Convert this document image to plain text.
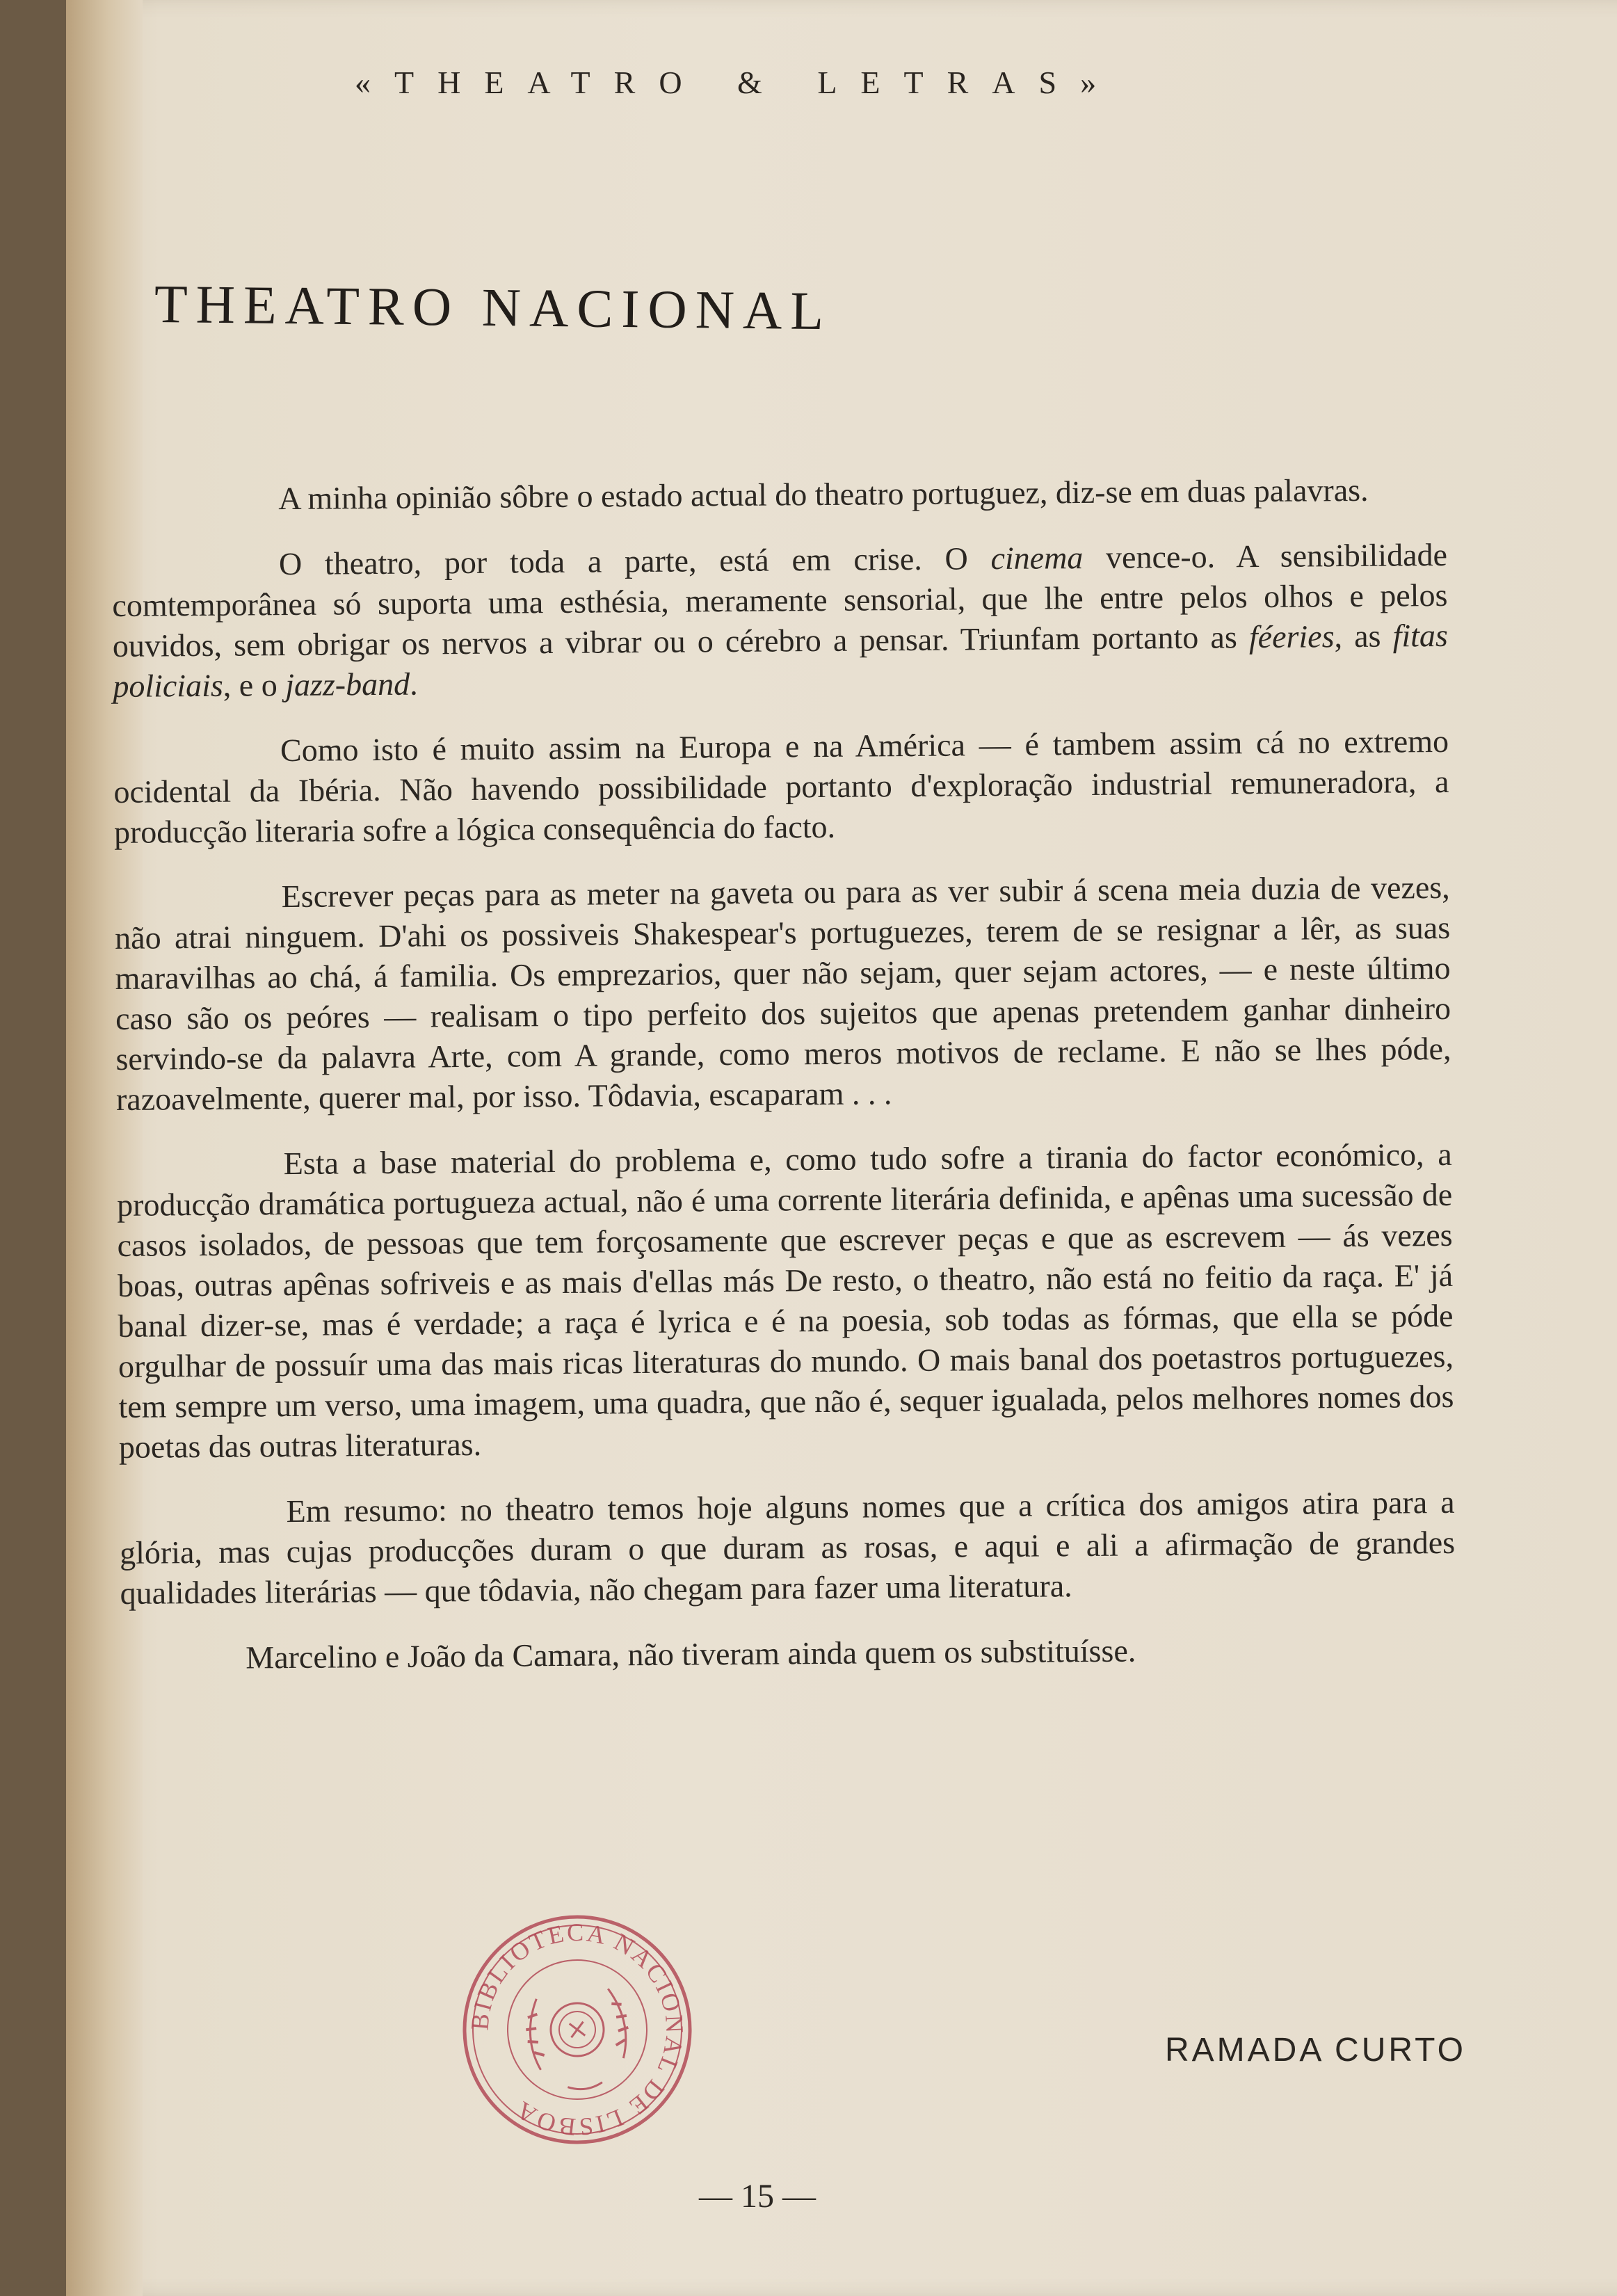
«THEATRO & LETRAS»
THEATRO NACIONAL

A minha opinião sôbre o estado actual do theatro portuguez, diz-se em duas palavras.

O theatro, por toda a parte, está em crise. O cinema vence-o. A sensibilidade comtemporânea só suporta uma esthésia, meramente sensorial, que lhe entre pelos olhos e pelos ouvidos, sem obrigar os nervos a vibrar ou o cérebro a pensar. Triunfam portanto as féeries, as fitas policiais, e o jazz-band.

Como isto é muito assim na Europa e na América — é tambem assim cá no extremo ocidental da Ibéria. Não havendo possibilidade portanto d'exploração industrial remuneradora, a producção literaria sofre a lógica consequência do facto.

Escrever peças para as meter na gaveta ou para as ver subir á scena meia duzia de vezes, não atrai ninguem. D'ahi os possiveis Shakespear's portuguezes, terem de se resignar a lêr, as suas maravilhas ao chá, á familia. Os emprezarios, quer não sejam, quer sejam actores, — e neste último caso são os peóres — realisam o tipo perfeito dos sujeitos que apenas pretendem ganhar dinheiro servindo-se da palavra Arte, com A grande, como meros motivos de reclame. E não se lhes póde, razoavelmente, querer mal, por isso. Tôdavia, escaparam . . .

Esta a base material do problema e, como tudo sofre a tirania do factor económico, a producção dramática portugueza actual, não é uma corrente literária definida, e apênas uma sucessão de casos isolados, de pessoas que tem forçosamente que escrever peças e que as escrevem — ás vezes boas, outras apênas sofriveis e as mais d'ellas más De resto, o theatro, não está no feitio da raça. E' já banal dizer-se, mas é verdade; a raça é lyrica e é na poesia, sob todas as fórmas, que ella se póde orgulhar de possuír uma das mais ricas literaturas do mundo. O mais banal dos poetastros portuguezes, tem sempre um verso, uma imagem, uma quadra, que não é, sequer igualada, pelos melhores nomes dos poetas das outras literaturas.

Em resumo: no theatro temos hoje alguns nomes que a crítica dos amigos atira para a glória, mas cujas producções duram o que duram as rosas, e aqui e ali a afirmação de grandes qualidades literárias — que tôdavia, não chegam para fazer uma literatura.

Marcelino e João da Camara, não tiveram ainda quem os substituísse.

BIBLIOTECA NACIONAL DE LISBOA
RAMADA CURTO
— 15 —
